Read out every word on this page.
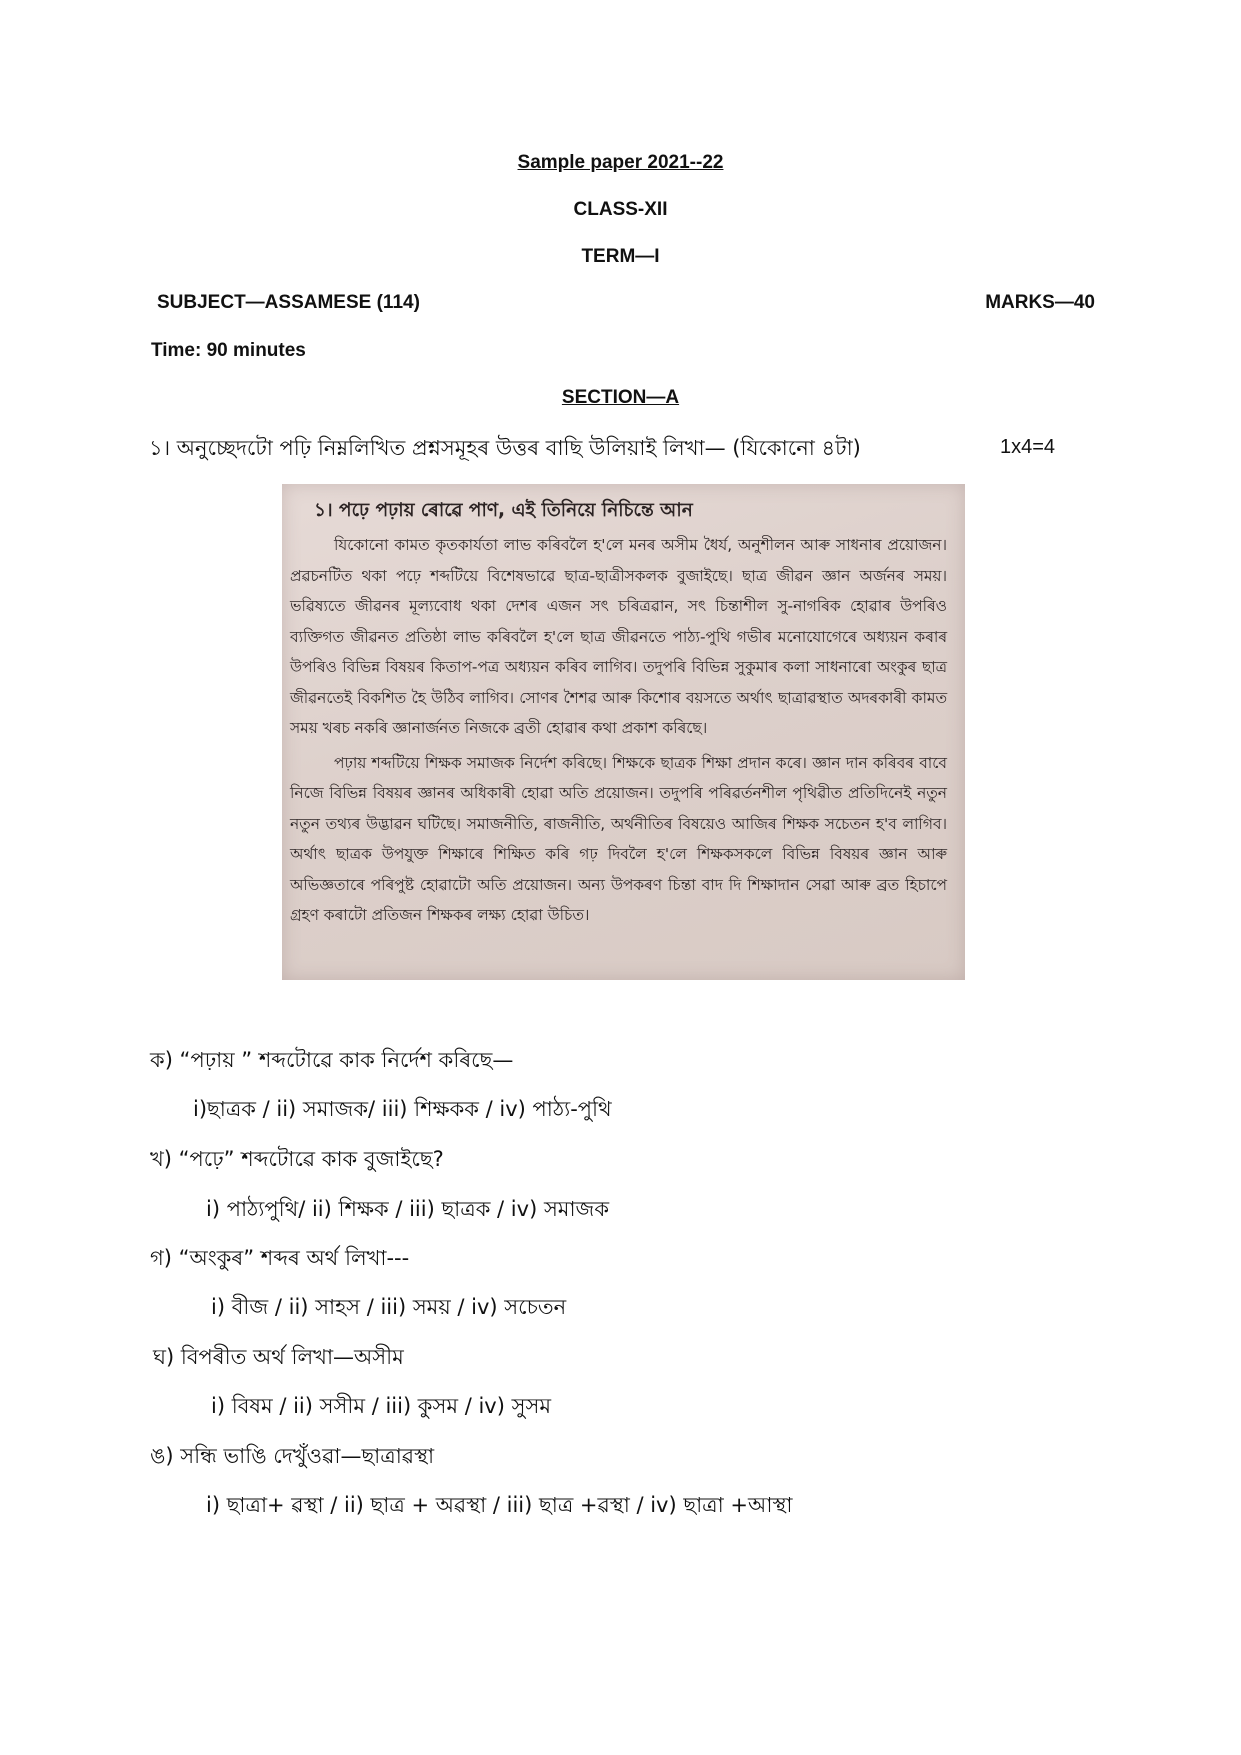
Sample paper 2021--22
CLASS-XII
TERM—I
SUBJECT—ASSAMESE (114)	MARKS—40
Time: 90 minutes
SECTION—A
১। অনুচ্ছেদটো পঢ়ি নিম্নলিখিত প্ৰশ্নসমূহৰ উত্তৰ বাছি উলিয়াই লিখা— (যিকোনো ৪টা)	1x4=4
১। পঢ়ে পঢ়ায় ৰোৱে পাণ, এই তিনিয়ে নিচিন্তে আন

যিকোনো কামত কৃতকাৰ্যতা লাভ কৰিবলৈ হ'লে মনৰ অসীম ধৈৰ্য, অনুশীলন আৰু সাধনাৰ প্ৰয়োজন। প্ৰৱচনটিত থকা পঢ়ে শব্দটিয়ে বিশেষভাৱে ছাত্ৰ-ছাত্ৰীসকলক বুজাইছে। ছাত্ৰ জীৱন জ্ঞান অৰ্জনৰ সময়। ভৱিষ্যতে জীৱনৰ মূল্যবোধ থকা দেশৰ এজন সৎ চৰিত্ৰৱান, সৎ চিন্তাশীল সু-নাগৰিক হোৱাৰ উপৰিও ব্যক্তিগত জীৱনত প্ৰতিষ্ঠা লাভ কৰিবলৈ হ'লে ছাত্ৰ জীৱনতে পাঠ্য-পুথি গভীৰ মনোযোগেৰে অধ্যয়ন কৰাৰ উপৰিও বিভিন্ন বিষয়ৰ কিতাপ-পত্ৰ অধ্যয়ন কৰিব লাগিব। তদুপৰি বিভিন্ন সুকুমাৰ কলা সাধনাৰো অংকুৰ ছাত্ৰ জীৱনতেই বিকশিত হৈ উঠিব লাগিব। সোণৰ শৈশৱ আৰু কিশোৰ বয়সতে অৰ্থাৎ ছাত্ৰাৱস্থাত অদৰকাৰী কামত সময় খৰচ নকৰি জ্ঞানাৰ্জনত নিজকে ব্ৰতী হোৱাৰ কথা প্ৰকাশ কৰিছে।

পঢ়ায় শব্দটিয়ে শিক্ষক সমাজক নিৰ্দেশ কৰিছে। শিক্ষকে ছাত্ৰক শিক্ষা প্ৰদান কৰে। জ্ঞান দান কৰিবৰ বাবে নিজে বিভিন্ন বিষয়ৰ জ্ঞানৰ অধিকাৰী হোৱা অতি প্ৰয়োজন। তদুপৰি পৰিৱৰ্তনশীল পৃথিৱীত প্ৰতিদিনেই নতুন নতুন তথ্যৰ উদ্ভাৱন ঘটিছে। সমাজনীতি, ৰাজনীতি, অৰ্থনীতিৰ বিষয়েও আজিৰ শিক্ষক সচেতন হ'ব লাগিব। অৰ্থাৎ ছাত্ৰক উপযুক্ত শিক্ষাৰে শিক্ষিত কৰি গঢ় দিবলৈ হ'লে শিক্ষকসকলে বিভিন্ন বিষয়ৰ জ্ঞান আৰু অভিজ্ঞতাৰে পৰিপুষ্ট হোৱাটো অতি প্ৰয়োজন। অন্য উপকৰণ চিন্তা বাদ দি শিক্ষাদান সেৱা আৰু ব্ৰত হিচাপে গ্ৰহণ কৰাটো প্ৰতিজন শিক্ষকৰ লক্ষ্য হোৱা উচিত।

ক) “পঢ়ায় ” শব্দটোৱে কাক নিৰ্দেশ কৰিছে—
i)ছাত্ৰক / ii) সমাজক/ iii) শিক্ষকক / iv) পাঠ্য-পুথি
খ) “পঢ়ে” শব্দটোৱে কাক বুজাইছে?
i) পাঠ্যপুথি/ ii) শিক্ষক / iii) ছাত্ৰক / iv) সমাজক
গ) “অংকুৰ” শব্দৰ অৰ্থ লিখা---
i) বীজ / ii) সাহস / iii) সময় / iv) সচেতন
ঘ) বিপৰীত অৰ্থ লিখা—অসীম
i) বিষম / ii) সসীম / iii) কুসম / iv) সুসম
ঙ) সন্ধি ভাঙি দেখুঁওৱা—ছাত্ৰাৱস্থা
i) ছাত্ৰা+ ৱস্থা / ii) ছাত্ৰ + অৱস্থা / iii) ছাত্ৰ +ৱস্থা / iv) ছাত্ৰা +আস্থা
